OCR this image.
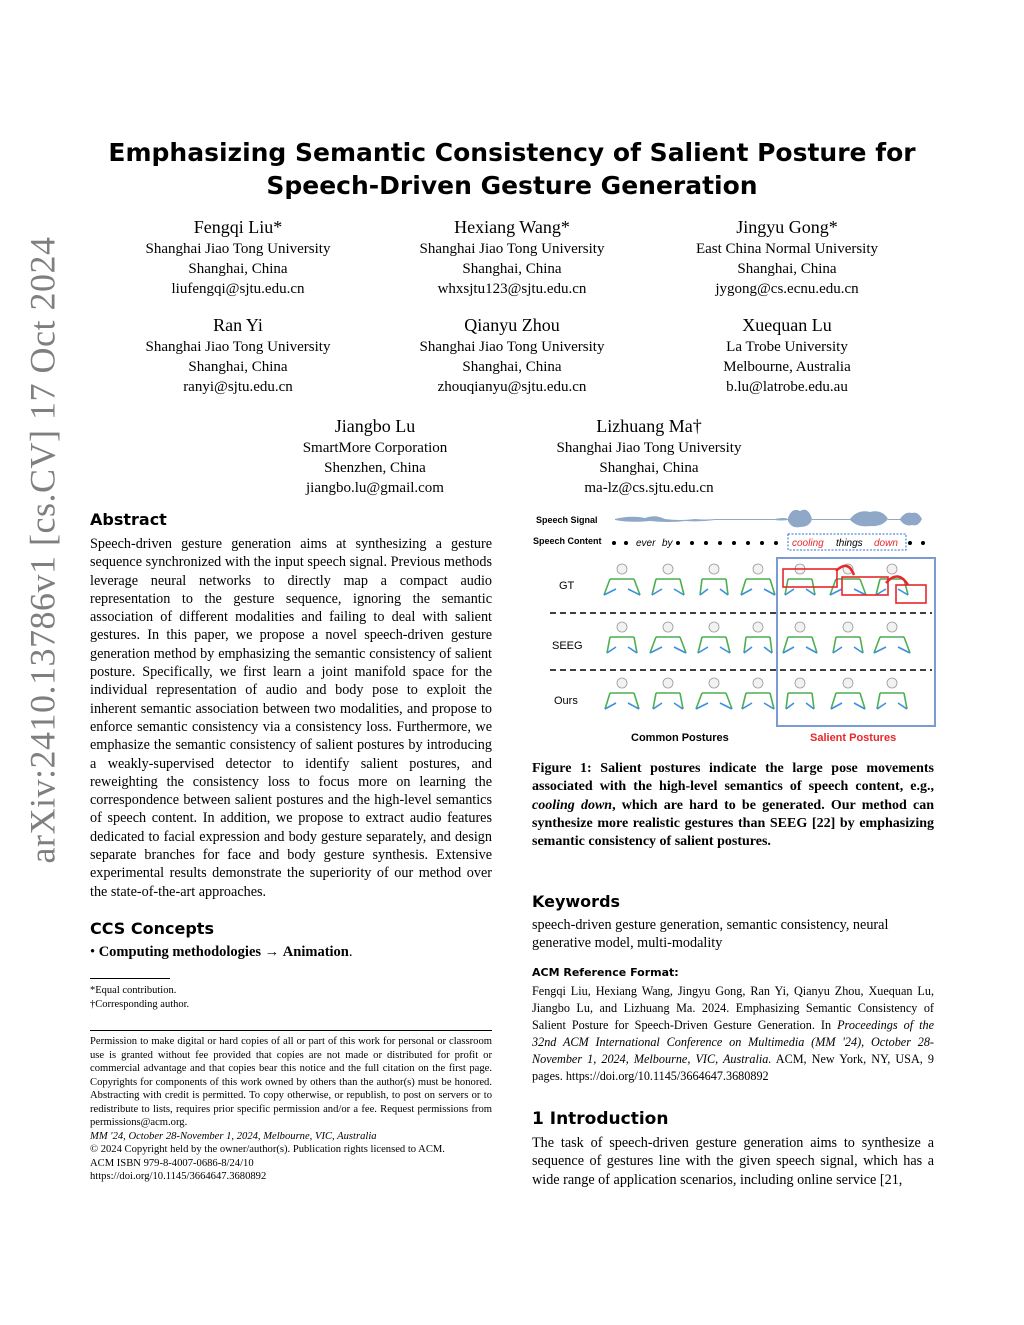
arXiv:2410.13786v1 [cs.CV] 17 Oct 2024
Emphasizing Semantic Consistency of Salient Posture for
Speech-Driven Gesture Generation
Fengqi Liu*
Shanghai Jiao Tong University
Shanghai, China
liufengqi@sjtu.edu.cn
Hexiang Wang*
Shanghai Jiao Tong University
Shanghai, China
whxsjtu123@sjtu.edu.cn
Jingyu Gong*
East China Normal University
Shanghai, China
jygong@cs.ecnu.edu.cn
Ran Yi
Shanghai Jiao Tong University
Shanghai, China
ranyi@sjtu.edu.cn
Qianyu Zhou
Shanghai Jiao Tong University
Shanghai, China
zhouqianyu@sjtu.edu.cn
Xuequan Lu
La Trobe University
Melbourne, Australia
b.lu@latrobe.edu.au
Jiangbo Lu
SmartMore Corporation
Shenzhen, China
jiangbo.lu@gmail.com
Lizhuang Ma†
Shanghai Jiao Tong University
Shanghai, China
ma-lz@cs.sjtu.edu.cn
Abstract
Speech-driven gesture generation aims at synthesizing a gesture sequence synchronized with the input speech signal. Previous methods leverage neural networks to directly map a compact audio representation to the gesture sequence, ignoring the semantic association of different modalities and failing to deal with salient gestures. In this paper, we propose a novel speech-driven gesture generation method by emphasizing the semantic consistency of salient posture. Specifically, we first learn a joint manifold space for the individual representation of audio and body pose to exploit the inherent semantic association between two modalities, and propose to enforce semantic consistency via a consistency loss. Furthermore, we emphasize the semantic consistency of salient postures by introducing a weakly-supervised detector to identify salient postures, and reweighting the consistency loss to focus more on learning the correspondence between salient postures and the high-level semantics of speech content. In addition, we propose to extract audio features dedicated to facial expression and body gesture separately, and design separate branches for face and body gesture synthesis. Extensive experimental results demonstrate the superiority of our method over the state-of-the-art approaches.
CCS Concepts
• Computing methodologies → Animation.
*Equal contribution.
†Corresponding author.
Permission to make digital or hard copies of all or part of this work for personal or classroom use is granted without fee provided that copies are not made or distributed for profit or commercial advantage and that copies bear this notice and the full citation on the first page. Copyrights for components of this work owned by others than the author(s) must be honored. Abstracting with credit is permitted. To copy otherwise, or republish, to post on servers or to redistribute to lists, requires prior specific permission and/or a fee. Request permissions from permissions@acm.org.
MM '24, October 28-November 1, 2024, Melbourne, VIC, Australia
© 2024 Copyright held by the owner/author(s). Publication rights licensed to ACM.
ACM ISBN 979-8-4007-0686-8/24/10
https://doi.org/10.1145/3664647.3680892
Speech Signal
Speech Content	ever by	cooling things down
GT
SEEG
Ours
Common Postures	Salient Postures
Figure 1: Salient postures indicate the large pose movements associated with the high-level semantics of speech content, e.g., cooling down, which are hard to be generated. Our method can synthesize more realistic gestures than SEEG [22] by emphasizing semantic consistency of salient postures.
Keywords
speech-driven gesture generation, semantic consistency, neural generative model, multi-modality
ACM Reference Format:
Fengqi Liu, Hexiang Wang, Jingyu Gong, Ran Yi, Qianyu Zhou, Xuequan Lu, Jiangbo Lu, and Lizhuang Ma. 2024. Emphasizing Semantic Consistency of Salient Posture for Speech-Driven Gesture Generation. In Proceedings of the 32nd ACM International Conference on Multimedia (MM '24), October 28-November 1, 2024, Melbourne, VIC, Australia. ACM, New York, NY, USA, 9 pages. https://doi.org/10.1145/3664647.3680892
1 Introduction
The task of speech-driven gesture generation aims to synthesize a sequence of gestures line with the given speech signal, which has a wide range of application scenarios, including online service [21,
